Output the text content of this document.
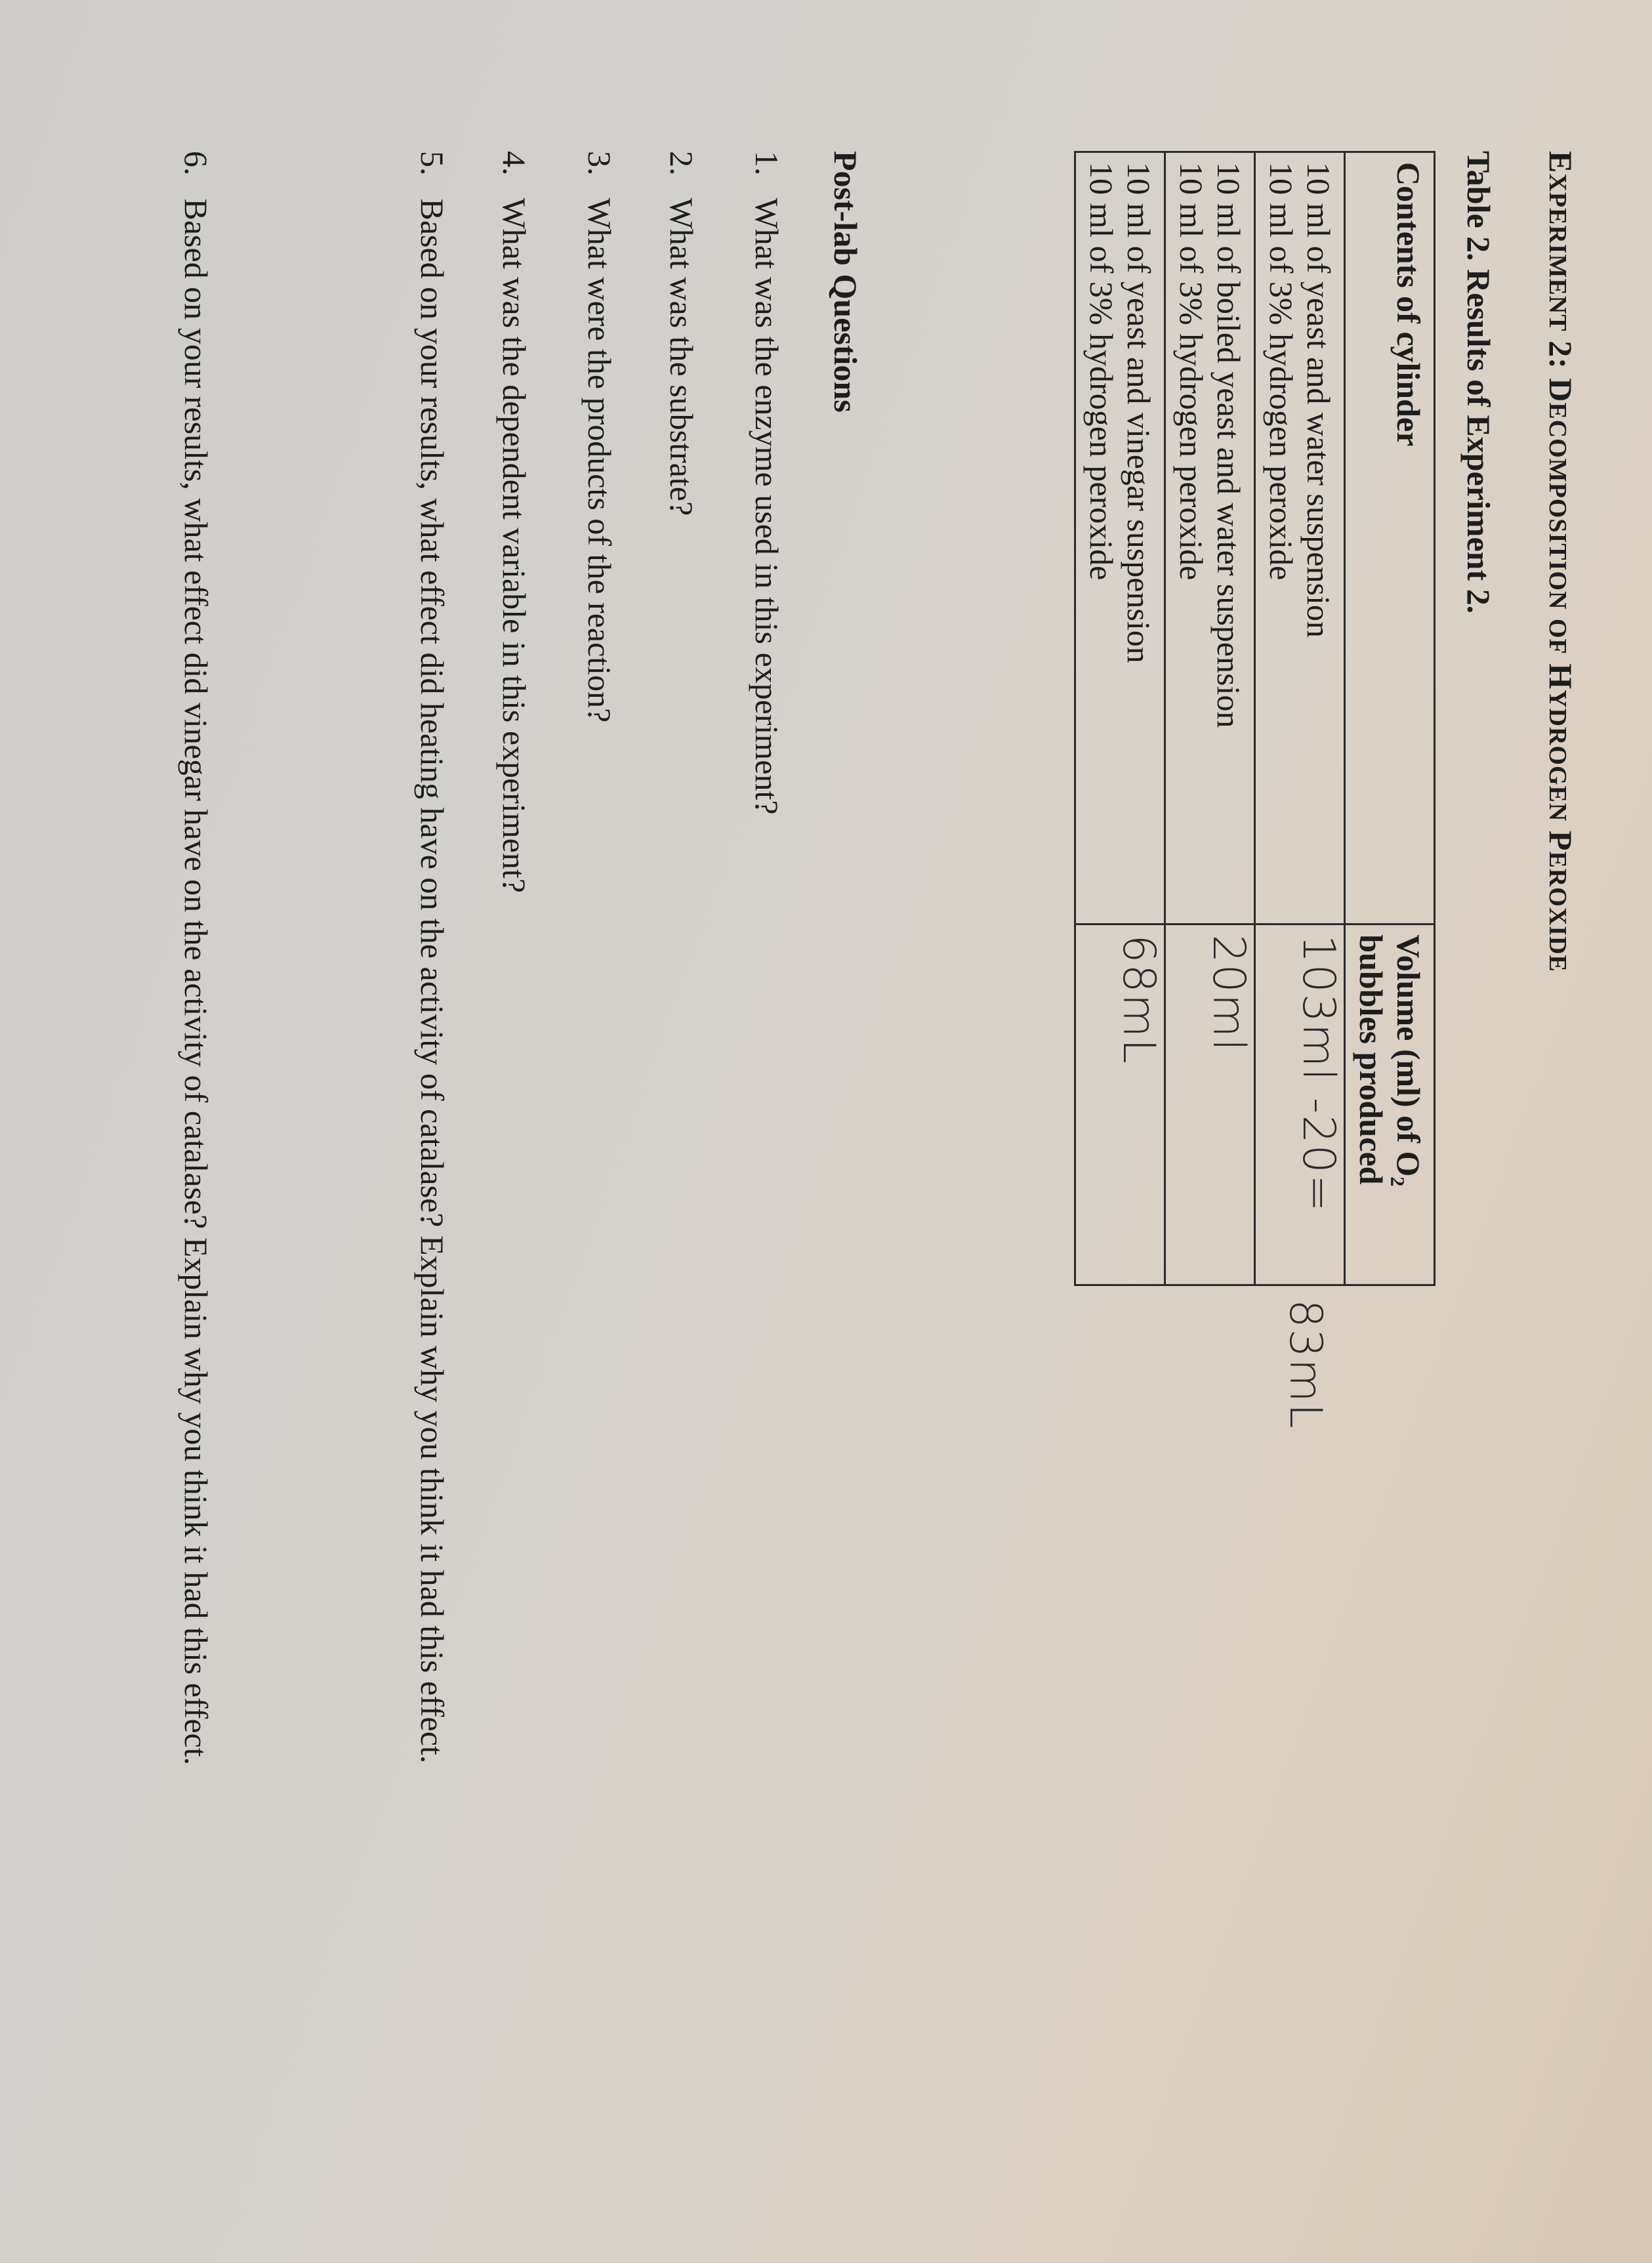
EXPERIMENT 2: DECOMPOSITION OF HYDROGEN PEROXIDE
Table 2. Results of Experiment 2.
Contents of cylinder	Volume (ml) of O₂
bubbles produced
10 ml of yeast and water suspension
10 ml of 3% hydrogen peroxide	103ml -20=
83mL

10 ml of boiled yeast and water suspension
10 ml of 3% hydrogen peroxide	20ml
10 ml of yeast and vinegar suspension
10 ml of 3% hydrogen peroxide	68mL
Post-lab Questions
1. What was the enzyme used in this experiment?
2. What was the substrate?
3. What were the products of the reaction?
4. What was the dependent variable in this experiment?
5. Based on your results, what effect did heating have on the activity of catalase? Explain why you think it had this effect.
6. Based on your results, what effect did vinegar have on the activity of catalase? Explain why you think it had this effect.
